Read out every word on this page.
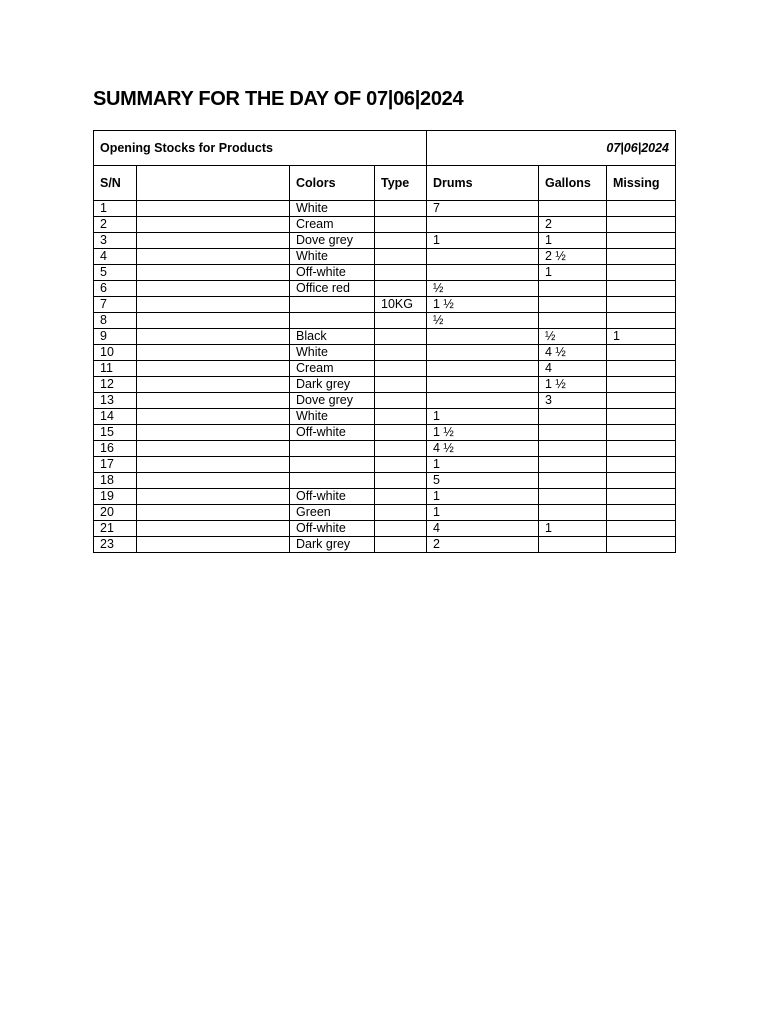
SUMMARY FOR THE DAY OF 07|06|2024
Opening Stocks for Products				07|06|2024		
S/N		Colors	Type	Drums	Gallons	Missing
1		White		7		
2		Cream			2	
3		Dove grey		1	1	
4		White			2 ½	
5		Off-white			1	
6		Office red		½		
7			10KG	1 ½		
8				½		
9		Black			½	1
10		White			4 ½	
11		Cream			4	
12		Dark grey			1 ½	
13		Dove grey			3	
14		White		1		
15		Off-white		1 ½		
16				4 ½		
17				1		
18				5		
19		Off-white		1		
20		Green		1		
21		Off-white		4	1	
23		Dark grey		2		
